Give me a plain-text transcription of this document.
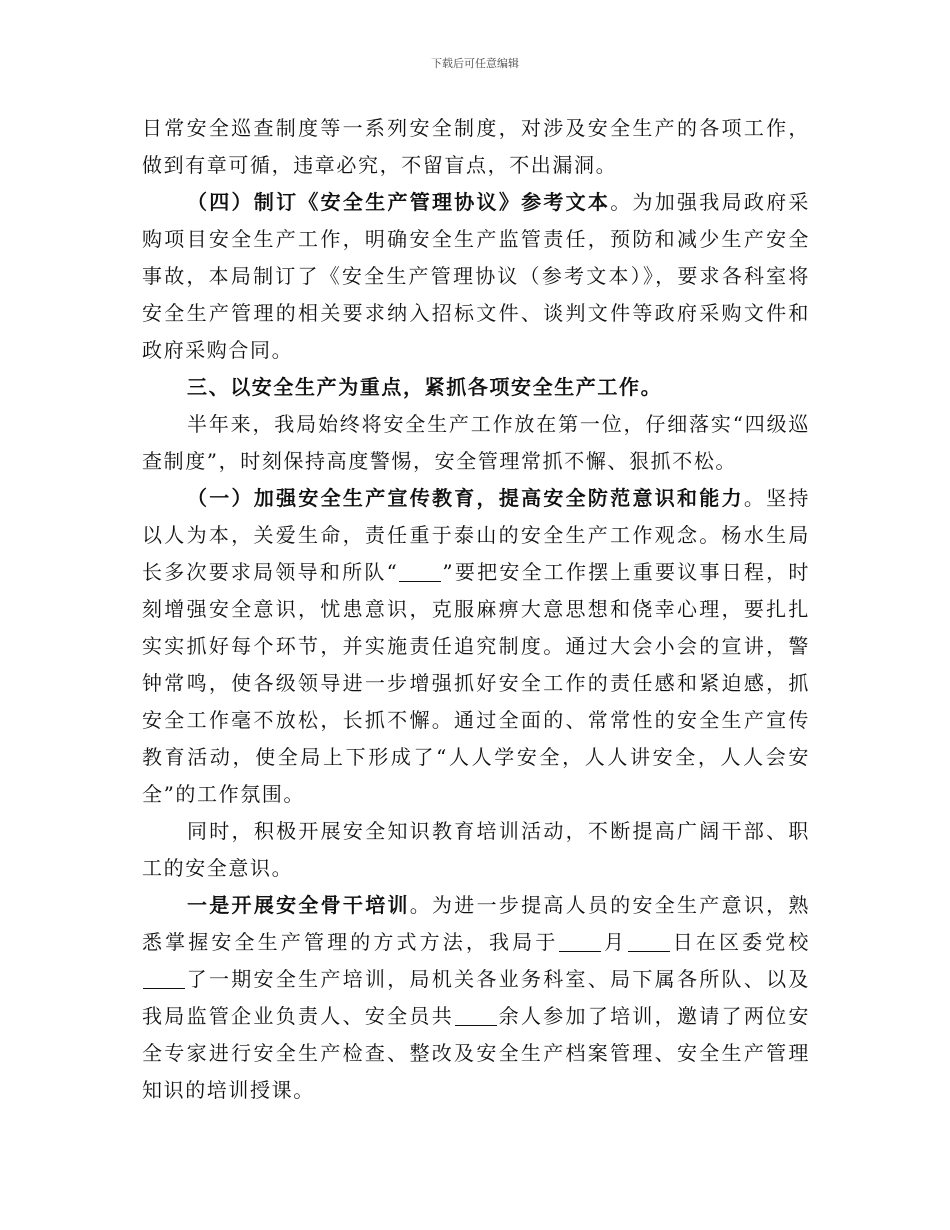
下载后可任意编辑

日常安全巡查制度等一系列安全制度，对涉及安全生产的各项工作，做到有章可循，违章必究，不留盲点，不出漏洞。

（四）制订《安全生产管理协议》参考文本。为加强我局政府采购项目安全生产工作，明确安全生产监管责任，预防和减少生产安全事故，本局制订了《安全生产管理协议（参考文本）》，要求各科室将安全生产管理的相关要求纳入招标文件、谈判文件等政府采购文件和政府采购合同。

三、以安全生产为重点，紧抓各项安全生产工作。

半年来，我局始终将安全生产工作放在第一位，仔细落实“四级巡查制度”，时刻保持高度警惕，安全管理常抓不懈、狠抓不松。

（一）加强安全生产宣传教育，提高安全防范意识和能力。坚持以人为本，关爱生命，责任重于泰山的安全生产工作观念。杨水生局长多次要求局领导和所队“ ”要把安全工作摆上重要议事日程，时刻增强安全意识，忧患意识，克服麻痹大意思想和侥幸心理，要扎扎实实抓好每个环节，并实施责任追究制度。通过大会小会的宣讲，警钟常鸣，使各级领导进一步增强抓好安全工作的责任感和紧迫感，抓安全工作毫不放松，长抓不懈。通过全面的、常常性的安全生产宣传教育活动，使全局上下形成了“人人学安全，人人讲安全，人人会安全”的工作氛围。

同时，积极开展安全知识教育培训活动，不断提高广阔干部、职工的安全意识。

一是开展安全骨干培训。为进一步提高人员的安全生产意识，熟悉掌握安全生产管理的方式方法，我局于 月 日在区委党校了一期安全生产培训，局机关各业务科室、局下属各所队、以及我局监管企业负责人、安全员共 余人参加了培训，邀请了两位安全专家进行安全生产检查、整改及安全生产档案管理、安全生产管理知识的培训授课。
